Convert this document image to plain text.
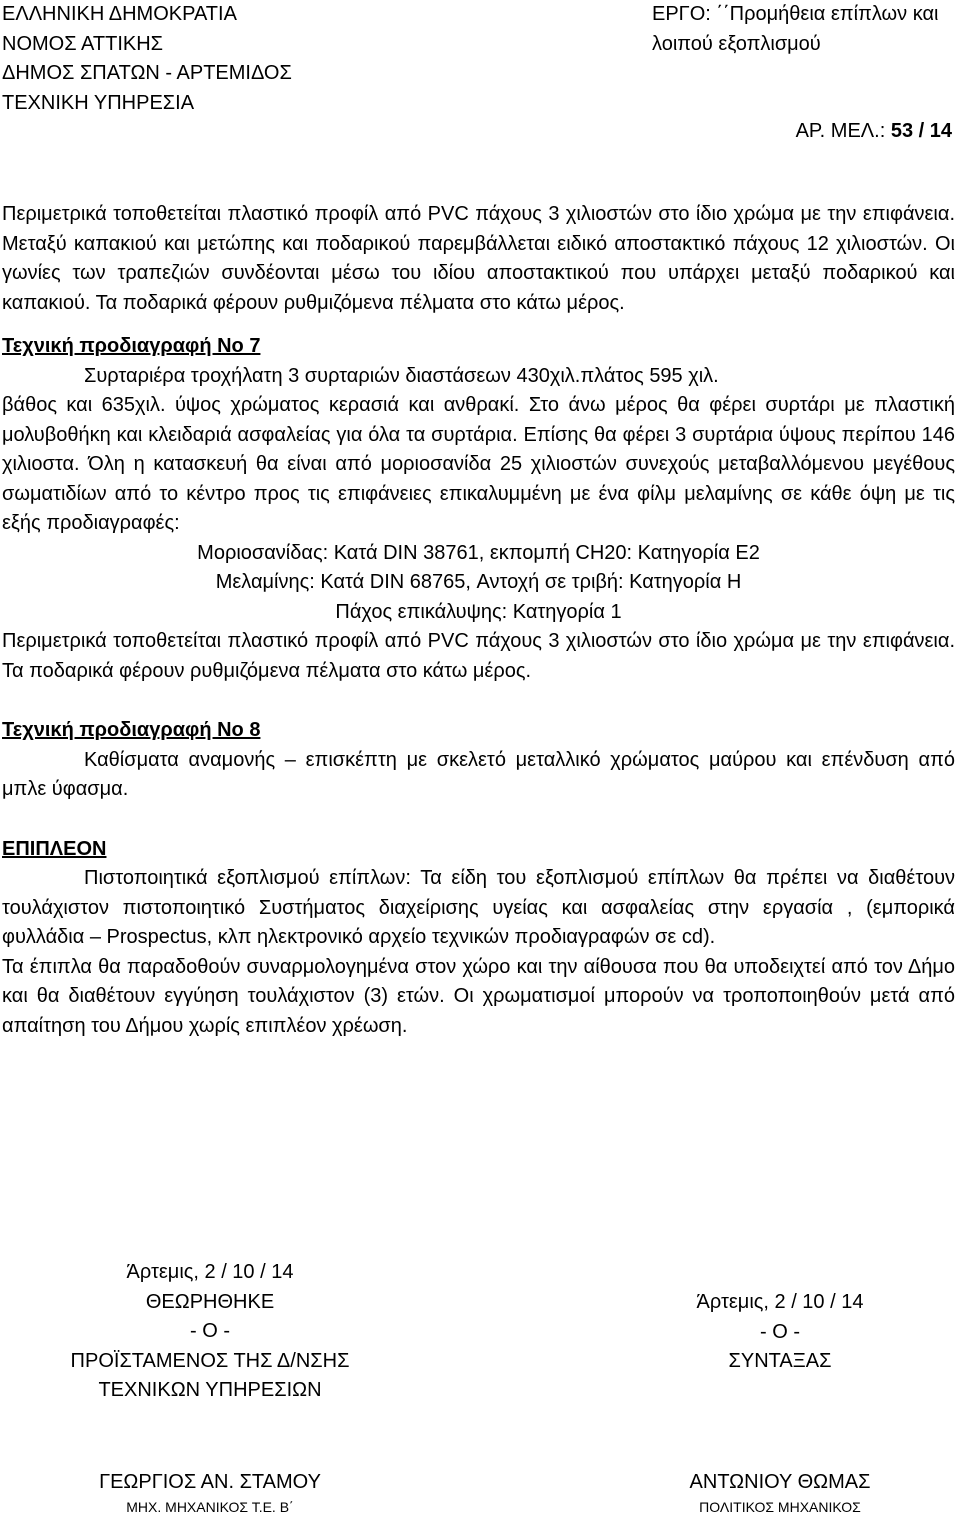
ΕΛΛΗΝΙΚΗ ΔΗΜΟΚΡΑΤΙΑ
ΝΟΜΟΣ ΑΤΤΙΚΗΣ
ΔΗΜΟΣ ΣΠΑΤΩΝ - ΑΡΤΕΜΙΔΟΣ
ΤΕΧΝΙΚΗ ΥΠΗΡΕΣΙΑ
ΕΡΓΟ: ΄΄Προμήθεια επίπλων και
λοιπού εξοπλισμού
ΑΡ. ΜΕΛ.: 53 / 14

Περιμετρικά τοποθετείται πλαστικό προφίλ από PVC πάχους 3 χιλιοστών στο ίδιο χρώμα με την επιφάνεια. Μεταξύ καπακιού και μετώπης και ποδαρικού παρεμβάλλεται ειδικό αποστακτικό πάχους 12 χιλιοστών. Οι γωνίες των τραπεζιών συνδέονται μέσω του ιδίου αποστακτικού που υπάρχει μεταξύ ποδαρικού και καπακιού. Τα ποδαρικά φέρουν ρυθμιζόμενα πέλματα στο κάτω μέρος.

Τεχνική προδιαγραφή Νο 7

Συρταριέρα τροχήλατη 3 συρταριών διαστάσεων 430χιλ.πλάτος 595 χιλ.

βάθος και 635χιλ. ύψος χρώματος κερασιά και ανθρακί. Στο άνω μέρος θα φέρει συρτάρι με πλαστική μολυβοθήκη και κλειδαριά ασφαλείας για όλα τα συρτάρια. Επίσης θα φέρει 3 συρτάρια ύψους περίπου 146 χιλιοστα. Όλη η κατασκευή θα είναι από μοριοσανίδα 25 χιλιοστών συνεχούς μεταβαλλόμενου μεγέθους σωματιδίων από το κέντρο προς τις επιφάνειες επικαλυμμένη με ένα φίλμ μελαμίνης σε κάθε όψη με τις εξής προδιαγραφές:

Μοριοσανίδας: Κατά DIN 38761, εκπομπή CH20: Κατηγορία Ε2

Μελαμίνης: Κατά DIN 68765, Αντοχή σε τριβή: Κατηγορία Η

Πάχος επικάλυψης: Κατηγορία 1

Περιμετρικά τοποθετείται πλαστικό προφίλ από PVC πάχους 3 χιλιοστών στο ίδιο χρώμα με την επιφάνεια. Τα ποδαρικά φέρουν ρυθμιζόμενα πέλματα στο κάτω μέρος.

Τεχνική προδιαγραφή Νο 8

Καθίσματα αναμονής – επισκέπτη με σκελετό μεταλλικό χρώματος μαύρου και επένδυση από μπλε ύφασμα.

ΕΠΙΠΛΕΟΝ

Πιστοποιητικά εξοπλισμού επίπλων: Τα είδη του εξοπλισμού επίπλων θα πρέπει να διαθέτουν τουλάχιστον πιστοποιητικό Συστήματος διαχείρισης υγείας και ασφαλείας στην εργασία , (εμπορικά φυλλάδια – Prospectus, κλπ ηλεκτρονικό αρχείο τεχνικών προδιαγραφών σε cd).

Τα έπιπλα θα παραδοθούν συναρμολογημένα στον χώρο και την αίθουσα που θα υποδειχτεί από τον Δήμο και θα διαθέτουν εγγύηση τουλάχιστον (3) ετών. Οι χρωματισμοί μπορούν να τροποποιηθούν μετά από απαίτηση του Δήμου χωρίς επιπλέον χρέωση.

Άρτεμις, 2 / 10 / 14
ΘΕΩΡΗΘΗΚΕ
- Ο -
ΠΡΟΪΣΤΑΜΕΝΟΣ ΤΗΣ Δ/ΝΣΗΣ
ΤΕΧΝΙΚΩΝ ΥΠΗΡΕΣΙΩΝ
ΓΕΩΡΓΙΟΣ ΑΝ. ΣΤΑΜΟΥ
ΜΗΧ. ΜΗΧΑΝΙΚΟΣ Τ.Ε. Β΄
Άρτεμις, 2 / 10 / 14
- Ο -
ΣΥΝΤΑΞΑΣ
ΑΝΤΩΝΙΟΥ ΘΩΜΑΣ
ΠΟΛΙΤΙΚΟΣ ΜΗΧΑΝΙΚΟΣ
